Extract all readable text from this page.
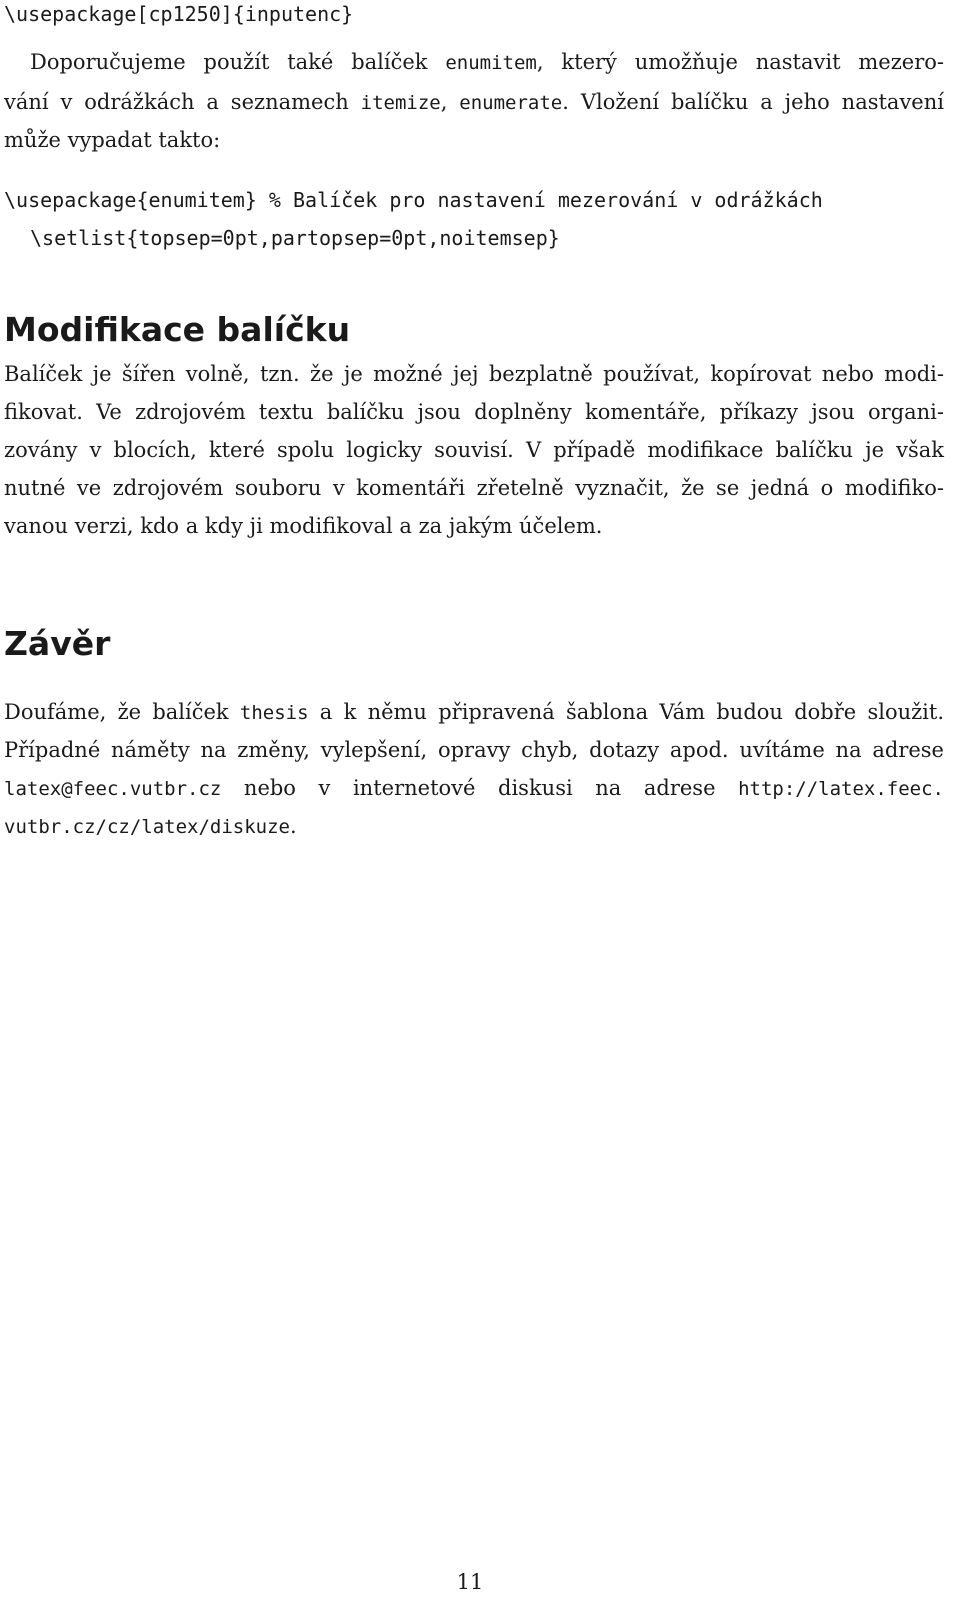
\usepackage[cp1250]{inputenc}
Doporučujeme použít také balíček enumitem, který umožňuje nastavit mezero-
vání v odrážkách a seznamech itemize, enumerate. Vložení balíčku a jeho nastavení
může vypadat takto:
\usepackage{enumitem} % Balíček pro nastavení mezerování v odrážkách
\setlist{topsep=0pt,partopsep=0pt,noitemsep}
Modifikace balíčku
Balíček je šířen volně, tzn. že je možné jej bezplatně používat, kopírovat nebo modi-
fikovat. Ve zdrojovém textu balíčku jsou doplněny komentáře, příkazy jsou organi-
zovány v blocích, které spolu logicky souvisí. V případě modifikace balíčku je však
nutné ve zdrojovém souboru v komentáři zřetelně vyznačit, že se jedná o modifiko-
vanou verzi, kdo a kdy ji modifikoval a za jakým účelem.
Závěr
Doufáme, že balíček thesis a k němu připravená šablona Vám budou dobře sloužit.
Případné náměty na změny, vylepšení, opravy chyb, dotazy apod. uvítáme na adrese
latex@feec.vutbr.cz nebo v internetové diskusi na adrese http://latex.feec.
vutbr.cz/cz/latex/diskuze.
11
